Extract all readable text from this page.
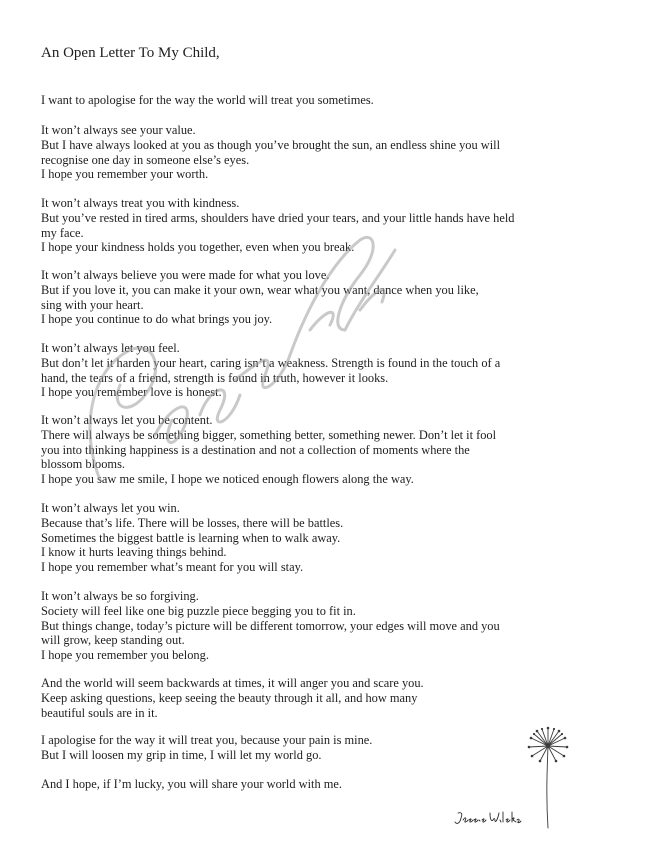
An Open Letter To My Child,

I want to apologise for the way the world will treat you sometimes.

It won’t always see your value.
But I have always looked at you as though you’ve brought the sun, an endless shine you will
recognise one day in someone else’s eyes.
I hope you remember your worth.

It won’t always treat you with kindness.
But you’ve rested in tired arms, shoulders have dried your tears, and your little hands have held
my face.
I hope your kindness holds you together, even when you break.

It won’t always believe you were made for what you love.
But if you love it, you can make it your own, wear what you want, dance when you like,
sing with your heart.
I hope you continue to do what brings you joy.

It won’t always let you feel.
But don’t let it harden your heart, caring isn’t a weakness. Strength is found in the touch of a
hand, the tears of a friend, strength is found in truth, however it looks.
I hope you remember love is honest.

It won’t always let you be content.
There will always be something bigger, something better, something newer. Don’t let it fool
you into thinking happiness is a destination and not a collection of moments where the
blossom blooms.
I hope you saw me smile, I hope we noticed enough flowers along the way.

It won’t always let you win.
Because that’s life. There will be losses, there will be battles.
Sometimes the biggest battle is learning when to walk away.
I know it hurts leaving things behind.
I hope you remember what’s meant for you will stay.

It won’t always be so forgiving.
Society will feel like one big puzzle piece begging you to fit in.
But things change, today’s picture will be different tomorrow, your edges will move and you
will grow, keep standing out.
I hope you remember you belong.

And the world will seem backwards at times, it will anger you and scare you.
Keep asking questions, keep seeing the beauty through it all, and how many
beautiful souls are in it.

I apologise for the way it will treat you, because your pain is mine.
But I will loosen my grip in time, I will let my world go.

And I hope, if I’m lucky, you will share your world with me.
